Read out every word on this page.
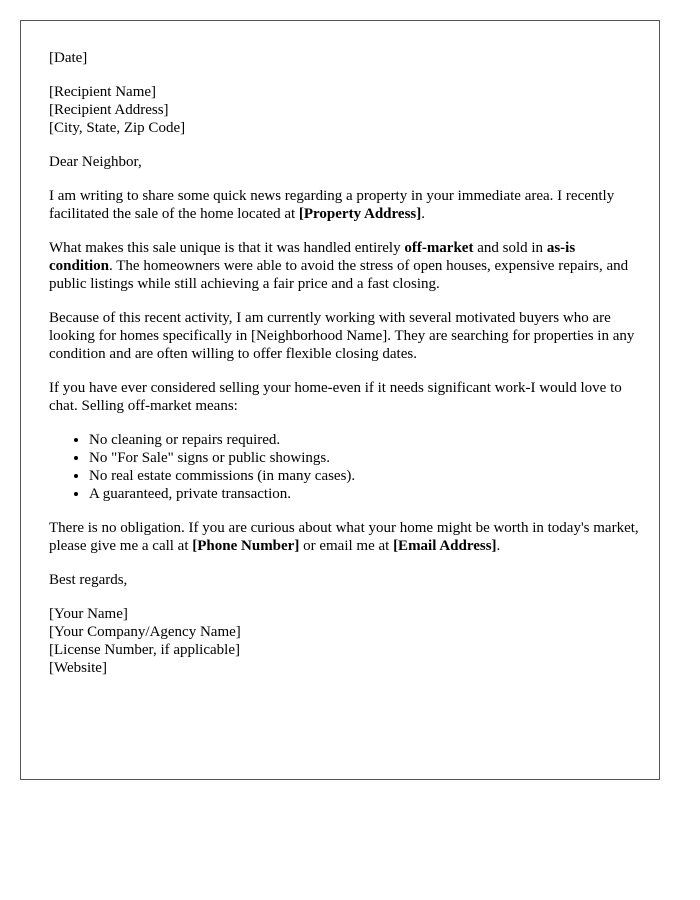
[Date]
[Recipient Name]
[Recipient Address]
[City, State, Zip Code]

Dear Neighbor,

I am writing to share some quick news regarding a property in your immediate area. I recently facilitated the sale of the home located at [Property Address].

What makes this sale unique is that it was handled entirely off-market and sold in as-is condition. The homeowners were able to avoid the stress of open houses, expensive repairs, and public listings while still achieving a fair price and a fast closing.

Because of this recent activity, I am currently working with several motivated buyers who are looking for homes specifically in [Neighborhood Name]. They are searching for properties in any condition and are often willing to offer flexible closing dates.

If you have ever considered selling your home-even if it needs significant work-I would love to chat. Selling off-market means:

• No cleaning or repairs required.
• No "For Sale" signs or public showings.
• No real estate commissions (in many cases).
• A guaranteed, private transaction.

There is no obligation. If you are curious about what your home might be worth in today's market, please give me a call at [Phone Number] or email me at [Email Address].

Best regards,

[Your Name]
[Your Company/Agency Name]
[License Number, if applicable]
[Website]
